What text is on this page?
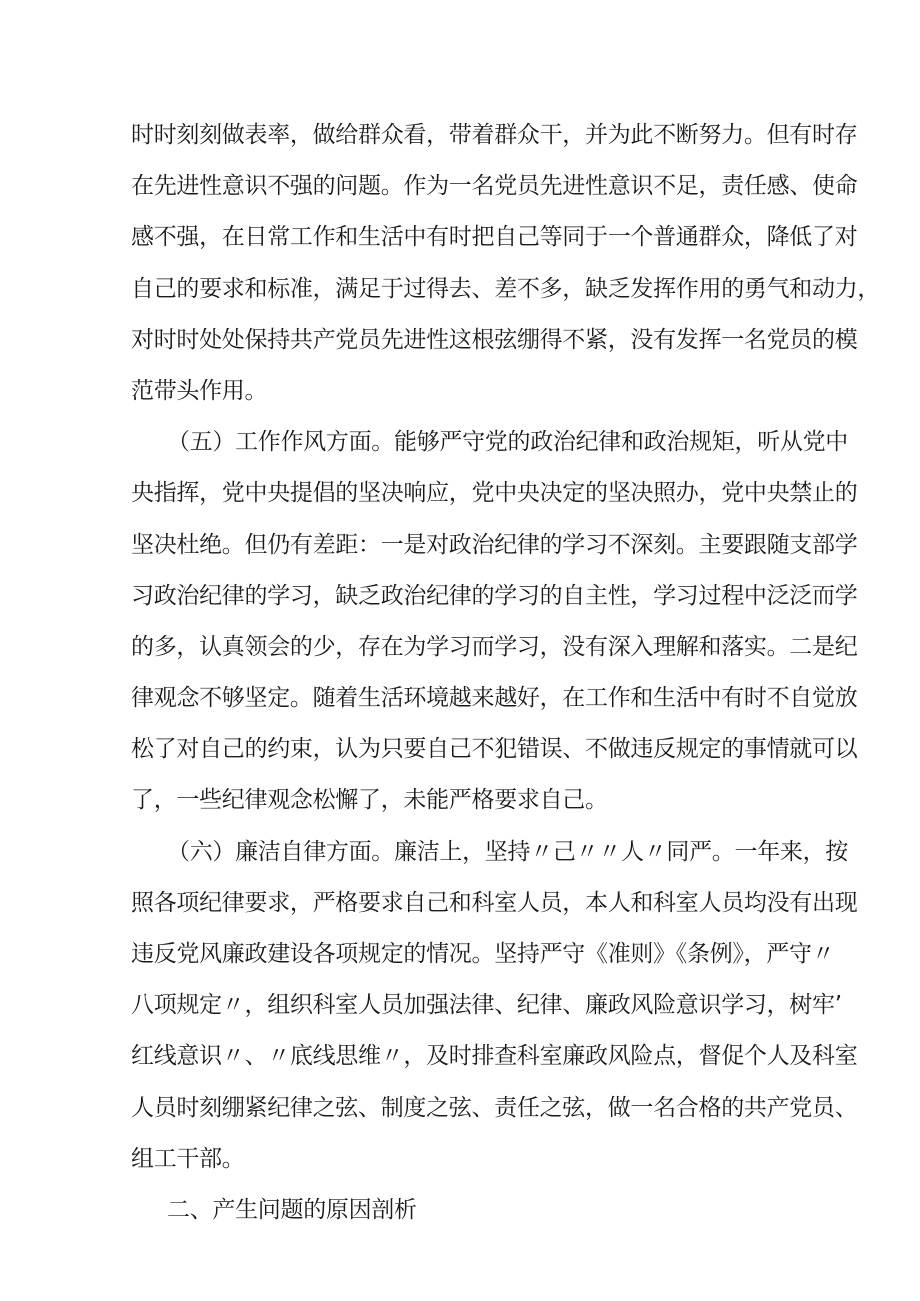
时时刻刻做表率，做给群众看，带着群众干，并为此不断努力。但有时存
在先进性意识不强的问题。作为一名党员先进性意识不足，责任感、使命
感不强，在日常工作和生活中有时把自己等同于一个普通群众，降低了对
自己的要求和标准，满足于过得去、差不多，缺乏发挥作用的勇气和动力，
对时时处处保持共产党员先进性这根弦绷得不紧，没有发挥一名党员的模
范带头作用。
（五）工作作风方面。能够严守党的政治纪律和政治规矩，听从党中
央指挥，党中央提倡的坚决响应，党中央决定的坚决照办，党中央禁止的
坚决杜绝。但仍有差距：一是对政治纪律的学习不深刻。主要跟随支部学
习政治纪律的学习，缺乏政治纪律的学习的自主性，学习过程中泛泛而学
的多，认真领会的少，存在为学习而学习，没有深入理解和落实。二是纪
律观念不够坚定。随着生活环境越来越好，在工作和生活中有时不自觉放
松了对自己的约束，认为只要自己不犯错误、不做违反规定的事情就可以
了，一些纪律观念松懈了，未能严格要求自己。
（六）廉洁自律方面。廉洁上，坚持〃己〃〃人〃同严。一年来，按
照各项纪律要求，严格要求自己和科室人员，本人和科室人员均没有出现
违反党风廉政建设各项规定的情况。坚持严守《准则》《条例》，严守〃
八项规定〃，组织科室人员加强法律、纪律、廉政风险意识学习，树牢’
红线意识〃、〃底线思维〃，及时排查科室廉政风险点，督促个人及科室
人员时刻绷紧纪律之弦、制度之弦、责任之弦，做一名合格的共产党员、
组工干部。
二、产生问题的原因剖析
